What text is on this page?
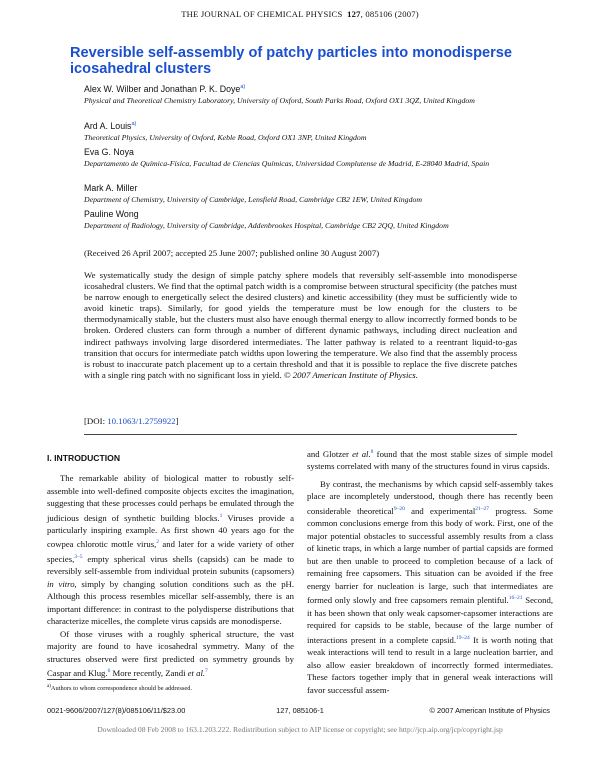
THE JOURNAL OF CHEMICAL PHYSICS 127, 085106 (2007)
Reversible self-assembly of patchy particles into monodisperse icosahedral clusters
Alex W. Wilber and Jonathan P. K. Doye$^{a)}$
Physical and Theoretical Chemistry Laboratory, University of Oxford, South Parks Road, Oxford OX1 3QZ, United Kingdom
Ard A. Louis$^{a)}$
Theoretical Physics, University of Oxford, Keble Road, Oxford OX1 3NP, United Kingdom
Eva G. Noya
Departamento de Química-Física, Facultad de Ciencias Químicas, Universidad Complutense de Madrid, E-28040 Madrid, Spain
Mark A. Miller
Department of Chemistry, University of Cambridge, Lensfield Road, Cambridge CB2 1EW, United Kingdom
Pauline Wong
Department of Radiology, University of Cambridge, Addenbrookes Hospital, Cambridge CB2 2QQ, United Kingdom
(Received 26 April 2007; accepted 25 June 2007; published online 30 August 2007)
We systematically study the design of simple patchy sphere models that reversibly self-assemble into monodisperse icosahedral clusters. We find that the optimal patch width is a compromise between structural specificity (the patches must be narrow enough to energetically select the desired clusters) and kinetic accessibility (they must be sufficiently wide to avoid kinetic traps). Similarly, for good yields the temperature must be low enough for the clusters to be thermodynamically stable, but the clusters must also have enough thermal energy to allow incorrectly formed bonds to be broken. Ordered clusters can form through a number of different dynamic pathways, including direct nucleation and indirect pathways involving large disordered intermediates. The latter pathway is related to a reentrant liquid-to-gas transition that occurs for intermediate patch widths upon lowering the temperature. We also find that the assembly process is robust to inaccurate patch placement up to a certain threshold and that it is possible to replace the five discrete patches with a single ring patch with no significant loss in yield. © 2007 American Institute of Physics.
[DOI: 10.1063/1.2759922]
I. INTRODUCTION

The remarkable ability of biological matter to robustly self-assemble into well-defined composite objects excites the imagination, suggesting that these processes could perhaps be emulated through the judicious design of synthetic building blocks.$^1$ Viruses provide a particularly inspiring example. As first shown 40 years ago for the cowpea chlorotic mottle virus,$^2$ and later for a wide variety of other species,$^{3-5}$ empty spherical virus shells (capsids) can be made to reversibly self-assemble from individual protein subunits (capsomers) in vitro, simply by changing solution conditions such as the pH. Although this process resembles micellar self-assembly, there is an important difference: in contrast to the polydisperse distributions that characterize micelles, the complete virus capsids are monodisperse.

Of those viruses with a roughly spherical structure, the vast majority are found to have icosahedral symmetry. Many of the structures observed were first predicted on symmetry grounds by Caspar and Klug.$^6$ More recently, Zandi et al.$^7$

and Glotzer et al.$^8$ found that the most stable sizes of simple model systems correlated with many of the structures found in virus capsids.

By contrast, the mechanisms by which capsid self-assembly takes place are incompletely understood, though there has recently been considerable theoretical$^{9-20}$ and experimental$^{21-27}$ progress. Some common conclusions emerge from this body of work. First, one of the major potential obstacles to successful assembly results from a class of kinetic traps, in which a large number of partial capsids are formed but are then unable to proceed to completion because of a lack of remaining free capsomers. This situation can be avoided if the free energy barrier for nucleation is large, such that intermediates are formed only slowly and free capsomers remain plentiful.$^{16-21}$ Second, it has been shown that only weak capsomer-capsomer interactions are required for capsids to be stable, because of the large number of interactions present in a complete capsid.$^{19-24}$ It is worth noting that weak interactions will tend to result in a large nucleation barrier, and also allow easier breakdown of incorrectly formed intermediates. These factors together imply that in general weak interactions will favor successful assem-

$^{a)}$Authors to whom correspondence should be addressed.
0021-9606/2007/127(8)/085106/11/$23.00	127, 085106-1	© 2007 American Institute of Physics
Downloaded 08 Feb 2008 to 163.1.203.222. Redistribution subject to AIP license or copyright; see http://jcp.aip.org/jcp/copyright.jsp
